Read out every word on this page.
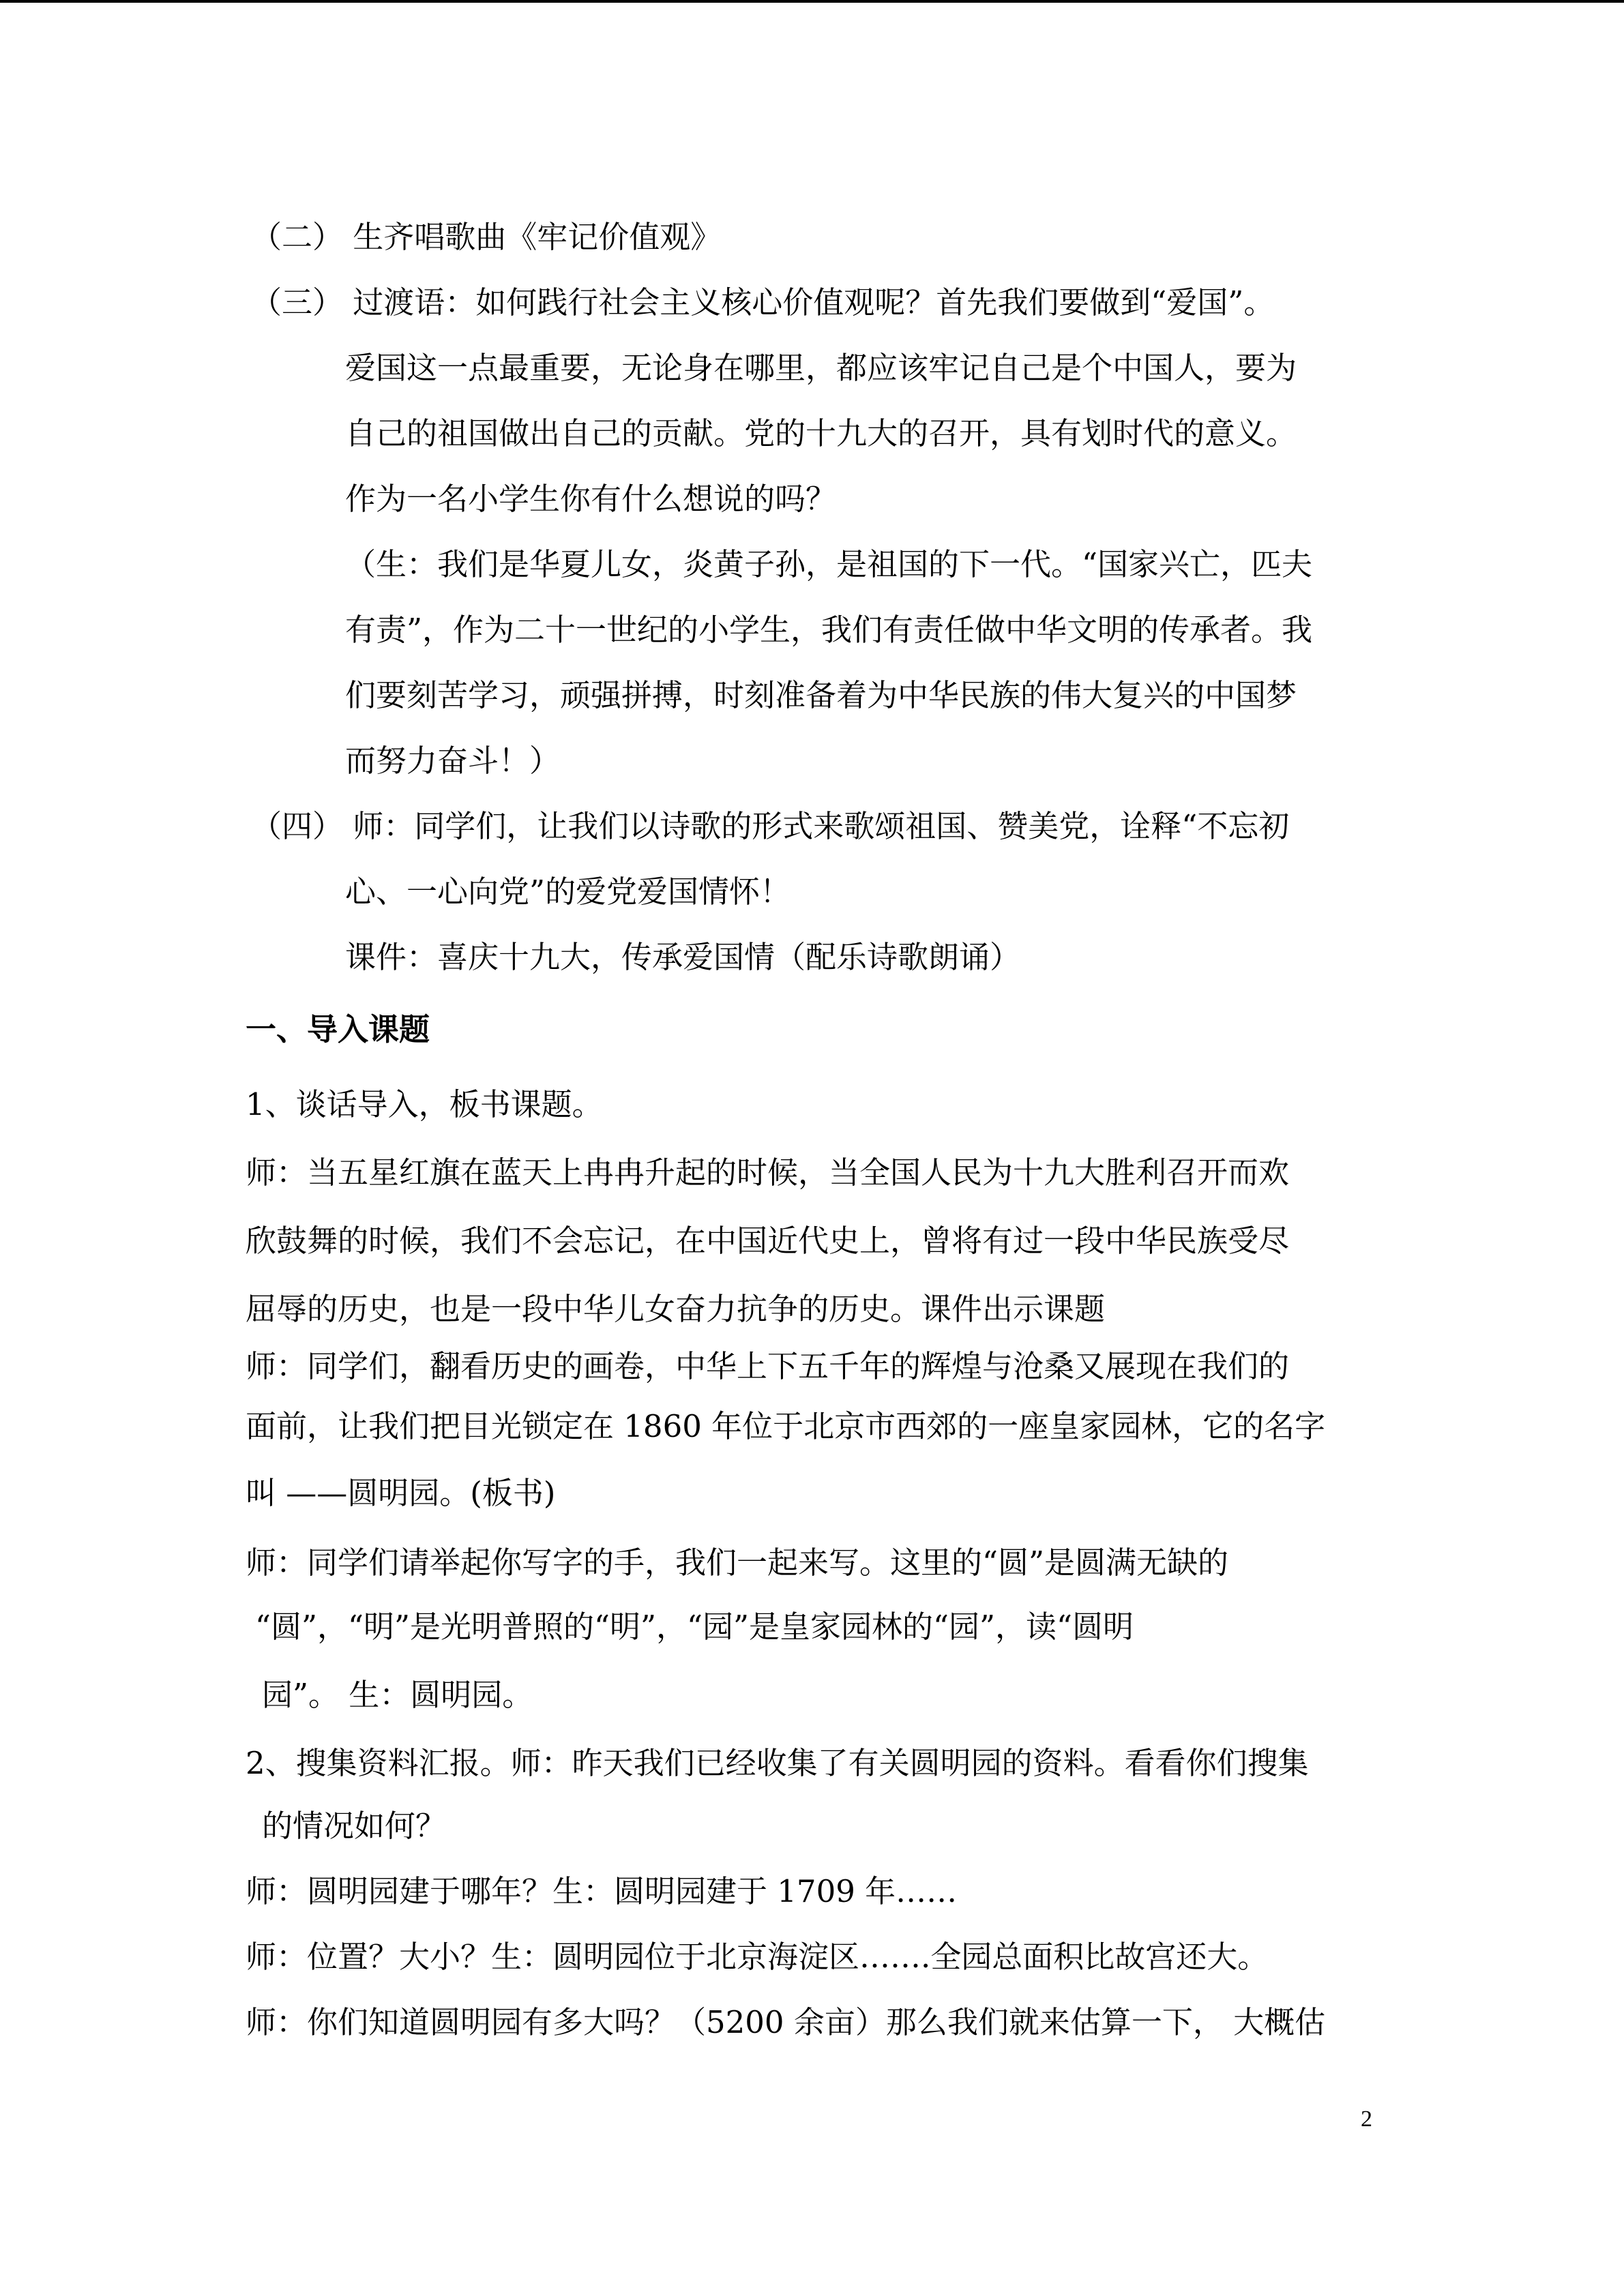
（二） 生齐唱歌曲《牢记价值观》
（三） 过渡语：如何践行社会主义核心价值观呢？首先我们要做到“爱国”。
爱国这一点最重要，无论身在哪里，都应该牢记自己是个中国人，要为
自己的祖国做出自己的贡献。党的十九大的召开，具有划时代的意义。
作为一名小学生你有什么想说的吗？
（生：我们是华夏儿女，炎黄子孙，是祖国的下一代。“国家兴亡，匹夫
有责”，作为二十一世纪的小学生，我们有责任做中华文明的传承者。我
们要刻苦学习，顽强拼搏，时刻准备着为中华民族的伟大复兴的中国梦
而努力奋斗！）
（四） 师：同学们，让我们以诗歌的形式来歌颂祖国、赞美党，诠释“不忘初
心、一心向党”的爱党爱国情怀！
课件：喜庆十九大，传承爱国情（配乐诗歌朗诵）
一、导入课题
1、谈话导入，板书课题。
师：当五星红旗在蓝天上冉冉升起的时候，当全国人民为十九大胜利召开而欢
欣鼓舞的时候，我们不会忘记，在中国近代史上，曾将有过一段中华民族受尽
屈辱的历史，也是一段中华儿女奋力抗争的历史。课件出示课题
师：同学们，翻看历史的画卷，中华上下五千年的辉煌与沧桑又展现在我们的
面前，让我们把目光锁定在 1860 年位于北京市西郊的一座皇家园林，它的名字
叫 ——圆明园。(板书)
师：同学们请举起你写字的手，我们一起来写。这里的“圆”是圆满无缺的
“圆”，“明”是光明普照的“明”，“园”是皇家园林的“园”，读“圆明
园”。 生：圆明园。
2、搜集资料汇报。师：昨天我们已经收集了有关圆明园的资料。看看你们搜集
的情况如何？
师：圆明园建于哪年？生：圆明园建于 1709 年……
师：位置？大小？生：圆明园位于北京海淀区…….全园总面积比故宫还大。
师：你们知道圆明园有多大吗？（5200 余亩）那么我们就来估算一下， 大概估
2
